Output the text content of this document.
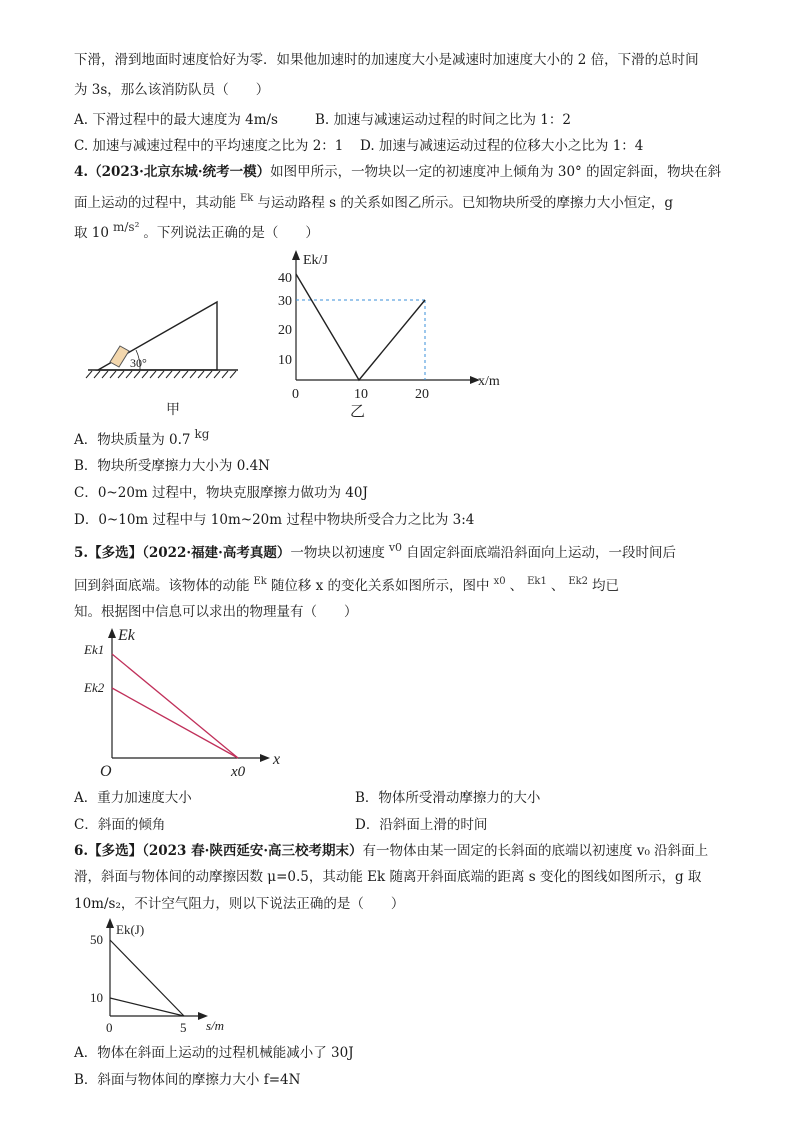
下滑，滑到地面时速度恰好为零．如果他加速时的加速度大小是减速时加速度大小的 2 倍，下滑的总时间
为 3s，那么该消防队员（　　）
A. 下滑过程中的最大速度为 4m/s	B. 加速与减速运动过程的时间之比为 1：2
C. 加速与减速过程中的平均速度之比为 2：1 D. 加速与减速运动过程的位移大小之比为 1：4
4.（2023·北京东城·统考一模）如图甲所示，一物块以一定的初速度冲上倾角为 30° 的固定斜面，物块在斜
面上运动的过程中，其动能 Ek 与运动路程 s 的关系如图乙所示。已知物块所受的摩擦力大小恒定，g
取 10 m/s² 。下列说法正确的是（　　）
30°
甲
Ek/J
40
30
20
10
0	10	20
x/m
乙
A．物块质量为 0.7 kg
B．物块所受摩擦力大小为 0.4N
C．0~20m 过程中，物块克服摩擦力做功为 40J
D．0~10m 过程中与 10m~20m 过程中物块所受合力之比为 3:4
5.【多选】（2022·福建·高考真题）一物块以初速度 v0 自固定斜面底端沿斜面向上运动，一段时间后
回到斜面底端。该物体的动能 Ek 随位移 x 的变化关系如图所示，图中 x0 、 Ek1 、 Ek2 均已
知。根据图中信息可以求出的物理量有（　　）
Ek
Ek1
Ek2
O	x0
x
A．重力加速度大小	B．物体所受滑动摩擦力的大小
C．斜面的倾角	D．沿斜面上滑的时间
6.【多选】（2023 春·陕西延安·高三校考期末）有一物体由某一固定的长斜面的底端以初速度 v₀ 沿斜面上
滑，斜面与物体间的动摩擦因数 μ=0.5，其动能 Ek 随离开斜面底端的距离 s 变化的图线如图所示，g 取
10m/s₂，不计空气阻力，则以下说法正确的是（　　）
Ek(J)
50
10
0	5 s/m
A．物体在斜面上运动的过程机械能减小了 30J
B．斜面与物体间的摩擦力大小 f=4N
